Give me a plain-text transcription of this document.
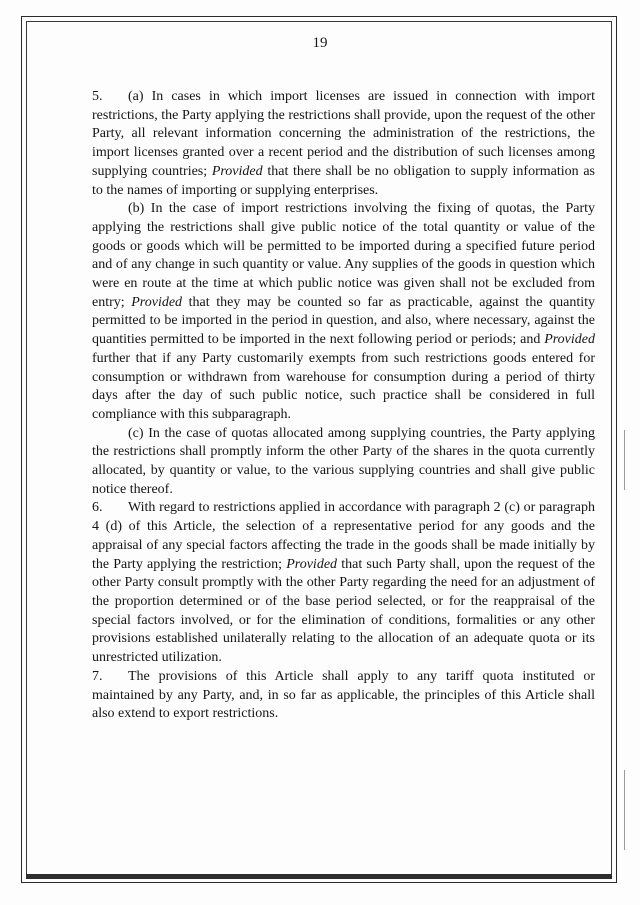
19

5. (a) In cases in which import licenses are issued in connection with import restrictions, the Party applying the restrictions shall provide, upon the request of the other Party, all relevant information concerning the administration of the restrictions, the import licenses granted over a recent period and the distribution of such licenses among supplying countries; Provided that there shall be no obligation to supply information as to the names of importing or supplying enterprises.

(b) In the case of import restrictions involving the fixing of quotas, the Party applying the restrictions shall give public notice of the total quantity or value of the goods or goods which will be permitted to be imported during a specified future period and of any change in such quantity or value. Any supplies of the goods in question which were en route at the time at which public notice was given shall not be excluded from entry; Provided that they may be counted so far as practicable, against the quantity permitted to be imported in the period in question, and also, where necessary, against the quantities permitted to be imported in the next following period or periods; and Provided further that if any Party customarily exempts from such restrictions goods entered for consumption or withdrawn from warehouse for consumption during a period of thirty days after the day of such public notice, such practice shall be considered in full compliance with this subparagraph.

(c) In the case of quotas allocated among supplying countries, the Party applying the restrictions shall promptly inform the other Party of the shares in the quota currently allocated, by quantity or value, to the various supplying countries and shall give public notice thereof.

6. With regard to restrictions applied in accordance with paragraph 2 (c) or paragraph 4 (d) of this Article, the selection of a representative period for any goods and the appraisal of any special factors affecting the trade in the goods shall be made initially by the Party applying the restriction; Provided that such Party shall, upon the request of the other Party consult promptly with the other Party regarding the need for an adjustment of the proportion determined or of the base period selected, or for the reappraisal of the special factors involved, or for the elimination of conditions, formalities or any other provisions established unilaterally relating to the allocation of an adequate quota or its unrestricted utilization.

7. The provisions of this Article shall apply to any tariff quota instituted or maintained by any Party, and, in so far as applicable, the principles of this Article shall also extend to export restrictions.
